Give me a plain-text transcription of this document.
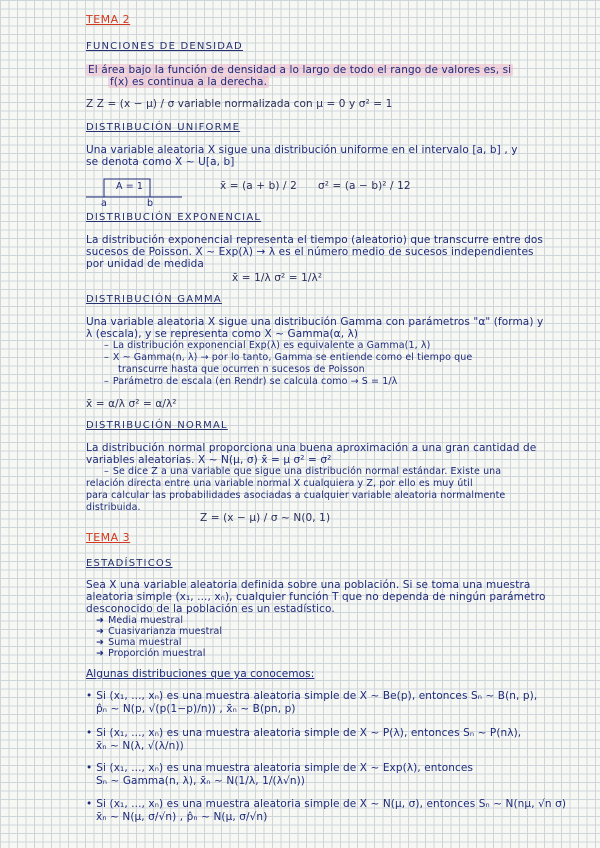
TEMA 2
FUNCIONES DE DENSIDAD
El área bajo la función de densidad a lo largo de todo el rango de valores es, si
f(x) es continua a la derecha.
Z Z = (x − μ) / σ variable normalizada con μ = 0 y σ² = 1
DISTRIBUCIÓN UNIFORME
Una variable aleatoria X sigue una distribución uniforme en el intervalo [a, b] , y
se denota como X ~ U[a, b]
A = 1
a	b
x̄ = (a + b) / 2 σ² = (a − b)² / 12
DISTRIBUCIÓN EXPONENCIAL
La distribución exponencial representa el tiempo (aleatorio) que transcurre entre dos
sucesos de Poisson. X ~ Exp(λ) → λ es el número medio de sucesos independientes
por unidad de medida
x̄ = 1/λ σ² = 1/λ²
DISTRIBUCIÓN GAMMA
Una variable aleatoria X sigue una distribución Gamma con parámetros "α" (forma) y
λ (escala), y se representa como X ~ Gamma(α, λ)
– La distribución exponencial Exp(λ) es equivalente a Gamma(1, λ)
– X ~ Gamma(n, λ) → por lo tanto, Gamma se entiende como el tiempo que
transcurre hasta que ocurren n sucesos de Poisson
– Parámetro de escala (en Rendr) se calcula como → S = 1/λ
x̄ = α/λ σ² = α/λ²
DISTRIBUCIÓN NORMAL
La distribución normal proporciona una buena aproximación a una gran cantidad de
variables aleatorias. X ~ N(μ, σ) x̄ = μ σ² = σ²
– Se dice Z a una variable que sigue una distribución normal estándar. Existe una
relación directa entre una variable normal X cualquiera y Z, por ello es muy útil
para calcular las probabilidades asociadas a cualquier variable aleatoria normalmente
distribuida.
Z = (x − μ) / σ ~ N(0, 1)
TEMA 3
ESTADÍSTICOS
Sea X una variable aleatoria definida sobre una población. Si se toma una muestra
aleatoria simple (x₁, ..., xₙ), cualquier función T que no dependa de ningún parámetro
desconocido de la población es un estadístico.
➜ Media muestral
➜ Cuasivarianza muestral
➜ Suma muestral
➜ Proporción muestral
Algunas distribuciones que ya conocemos:
• Si (x₁, ..., xₙ) es una muestra aleatoria simple de X ~ Be(p), entonces Sₙ ~ B(n, p),
p̂ₙ ~ N(p, √(p(1−p)/n)) , x̄ₙ ~ B(pn, p)
• Si (x₁, ..., xₙ) es una muestra aleatoria simple de X ~ P(λ), entonces Sₙ ~ P(nλ),
x̄ₙ ~ N(λ, √(λ/n))
• Si (x₁, ..., xₙ) es una muestra aleatoria simple de X ~ Exp(λ), entonces
Sₙ ~ Gamma(n, λ), x̄ₙ ~ N(1/λ, 1/(λ√n))
• Si (x₁, ..., xₙ) es una muestra aleatoria simple de X ~ N(μ, σ), entonces Sₙ ~ N(nμ, √n σ)
x̄ₙ ~ N(μ, σ/√n) , p̂ₙ ~ N(μ, σ/√n)
